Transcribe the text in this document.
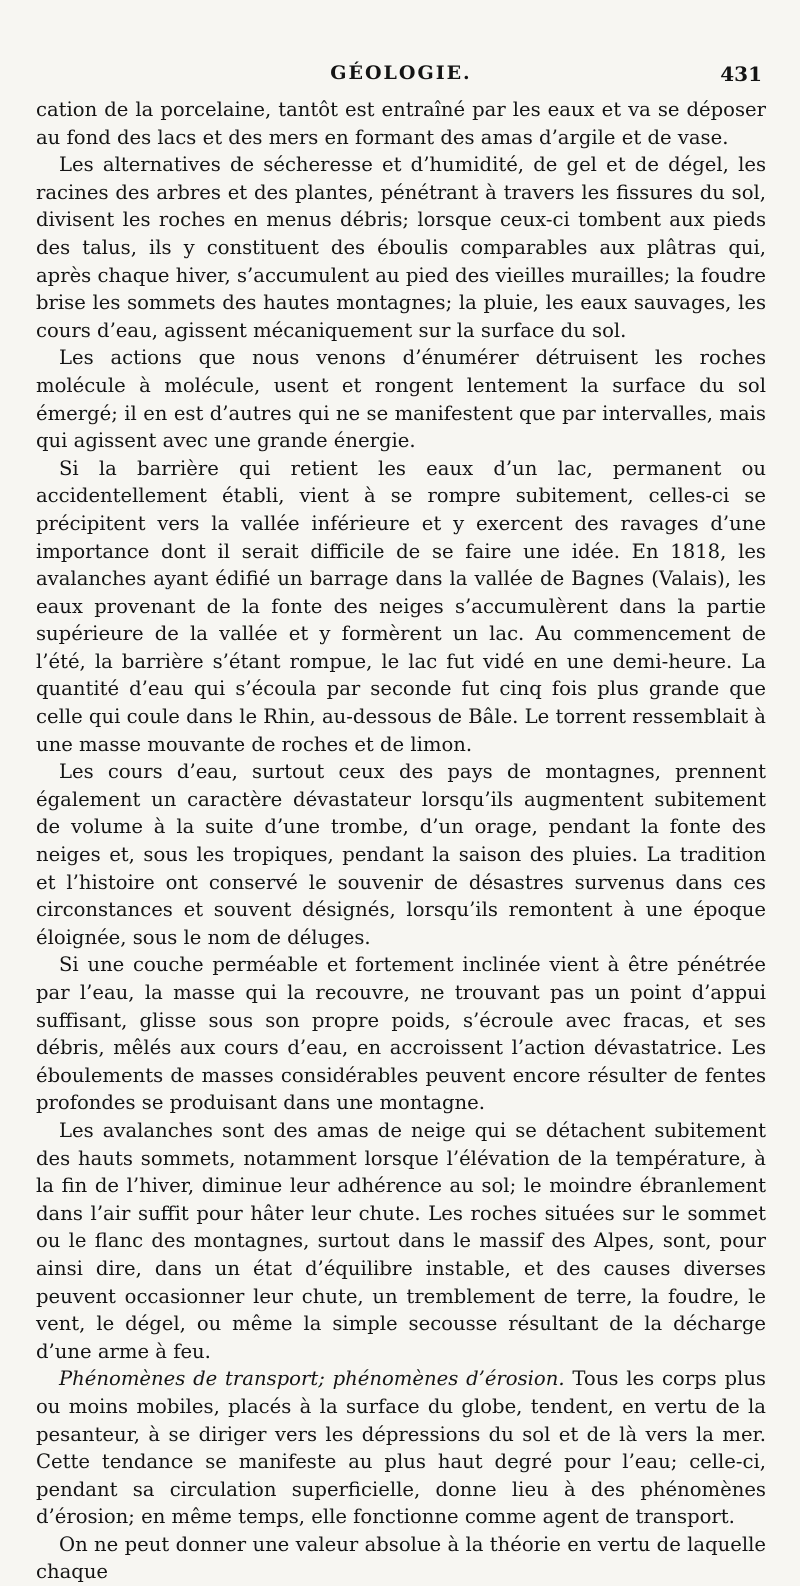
GÉOLOGIE.	431

cation de la porcelaine, tantôt est entraîné par les eaux et va se déposer au fond des lacs et des mers en formant des amas d’argile et de vase.

Les alternatives de sécheresse et d’humidité, de gel et de dégel, les racines des arbres et des plantes, pénétrant à travers les fissures du sol, divisent les roches en menus débris; lorsque ceux-ci tombent aux pieds des talus, ils y constituent des éboulis comparables aux plâtras qui, après chaque hiver, s’accumulent au pied des vieilles murailles; la foudre brise les sommets des hautes montagnes; la pluie, les eaux sauvages, les cours d’eau, agissent mécaniquement sur la surface du sol.

Les actions que nous venons d’énumérer détruisent les roches molécule à molécule, usent et rongent lentement la surface du sol émergé; il en est d’autres qui ne se manifestent que par intervalles, mais qui agissent avec une grande énergie.

Si la barrière qui retient les eaux d’un lac, permanent ou accidentellement établi, vient à se rompre subitement, celles-ci se précipitent vers la vallée inférieure et y exercent des ravages d’une importance dont il serait difficile de se faire une idée. En 1818, les avalanches ayant édifié un barrage dans la vallée de Bagnes (Valais), les eaux provenant de la fonte des neiges s’accumulèrent dans la partie supérieure de la vallée et y formèrent un lac. Au commencement de l’été, la barrière s’étant rompue, le lac fut vidé en une demi-heure. La quantité d’eau qui s’écoula par seconde fut cinq fois plus grande que celle qui coule dans le Rhin, au-dessous de Bâle. Le torrent ressemblait à une masse mouvante de roches et de limon.

Les cours d’eau, surtout ceux des pays de montagnes, prennent également un caractère dévastateur lorsqu’ils augmentent subitement de volume à la suite d’une trombe, d’un orage, pendant la fonte des neiges et, sous les tropiques, pendant la saison des pluies. La tradition et l’histoire ont conservé le souvenir de désastres survenus dans ces circonstances et souvent désignés, lorsqu’ils remontent à une époque éloignée, sous le nom de déluges.

Si une couche perméable et fortement inclinée vient à être pénétrée par l’eau, la masse qui la recouvre, ne trouvant pas un point d’appui suffisant, glisse sous son propre poids, s’écroule avec fracas, et ses débris, mêlés aux cours d’eau, en accroissent l’action dévastatrice. Les éboulements de masses considérables peuvent encore résulter de fentes profondes se produisant dans une montagne.

Les avalanches sont des amas de neige qui se détachent subitement des hauts sommets, notamment lorsque l’élévation de la température, à la fin de l’hiver, diminue leur adhérence au sol; le moindre ébranlement dans l’air suffit pour hâter leur chute. Les roches situées sur le sommet ou le flanc des montagnes, surtout dans le massif des Alpes, sont, pour ainsi dire, dans un état d’équilibre instable, et des causes diverses peuvent occasionner leur chute, un tremblement de terre, la foudre, le vent, le dégel, ou même la simple secousse résultant de la décharge d’une arme à feu.

Phénomènes de transport; phénomènes d’érosion. Tous les corps plus ou moins mobiles, placés à la surface du globe, tendent, en vertu de la pesanteur, à se diriger vers les dépressions du sol et de là vers la mer. Cette tendance se manifeste au plus haut degré pour l’eau; celle-ci, pendant sa circulation superficielle, donne lieu à des phénomènes d’érosion; en même temps, elle fonctionne comme agent de transport.

On ne peut donner une valeur absolue à la théorie en vertu de laquelle chaque
